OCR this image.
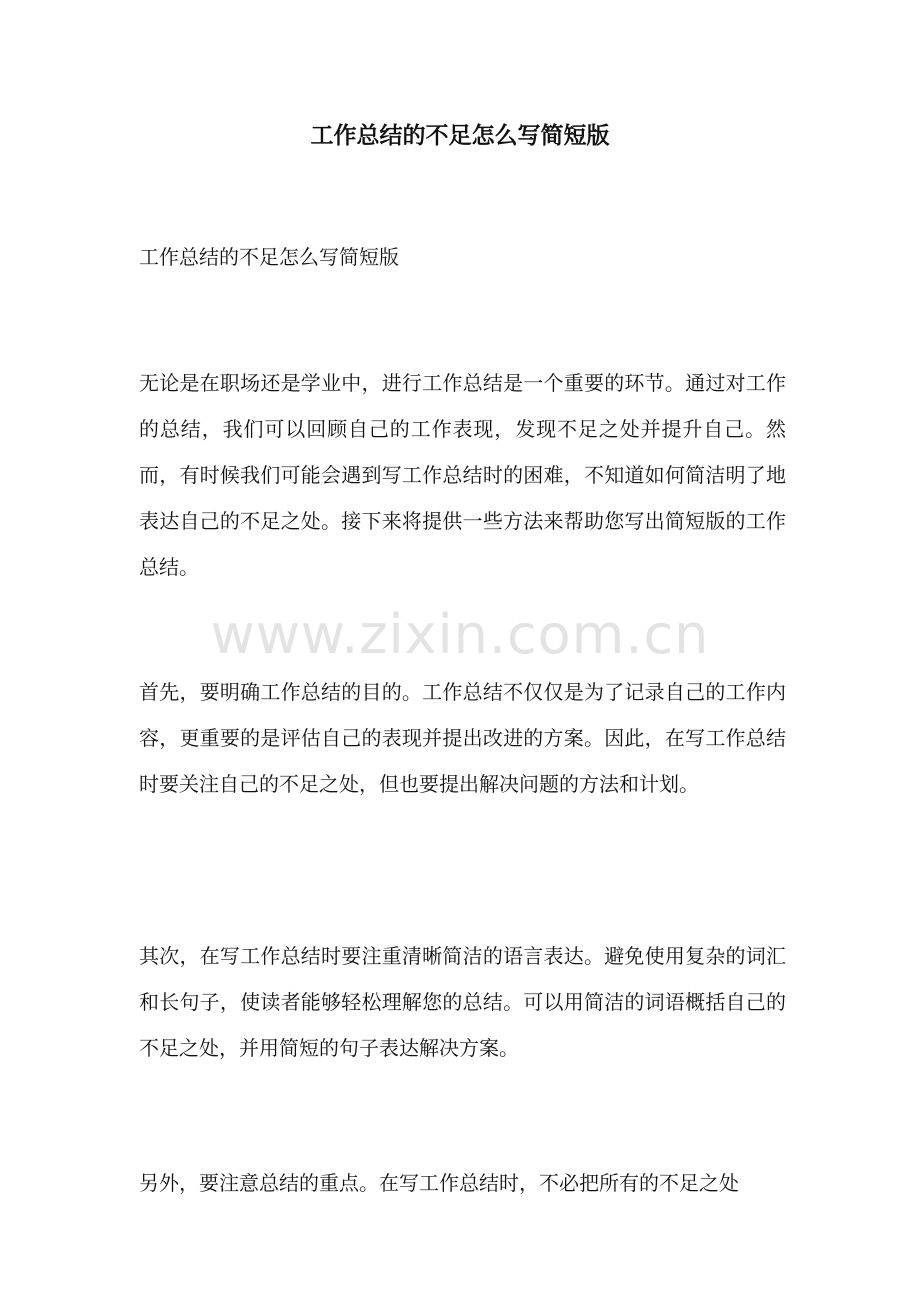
工作总结的不足怎么写简短版

工作总结的不足怎么写简短版

无论是在职场还是学业中，进行工作总结是一个重要的环节。通过对工作的总结，我们可以回顾自己的工作表现，发现不足之处并提升自己。然而，有时候我们可能会遇到写工作总结时的困难，不知道如何简洁明了地表达自己的不足之处。接下来将提供一些方法来帮助您写出简短版的工作总结。

www.zixin.com.cn

首先，要明确工作总结的目的。工作总结不仅仅是为了记录自己的工作内容，更重要的是评估自己的表现并提出改进的方案。因此，在写工作总结时要关注自己的不足之处，但也要提出解决问题的方法和计划。

其次，在写工作总结时要注重清晰简洁的语言表达。避免使用复杂的词汇和长句子，使读者能够轻松理解您的总结。可以用简洁的词语概括自己的不足之处，并用简短的句子表达解决方案。

另外，要注意总结的重点。在写工作总结时，不必把所有的不足之处
